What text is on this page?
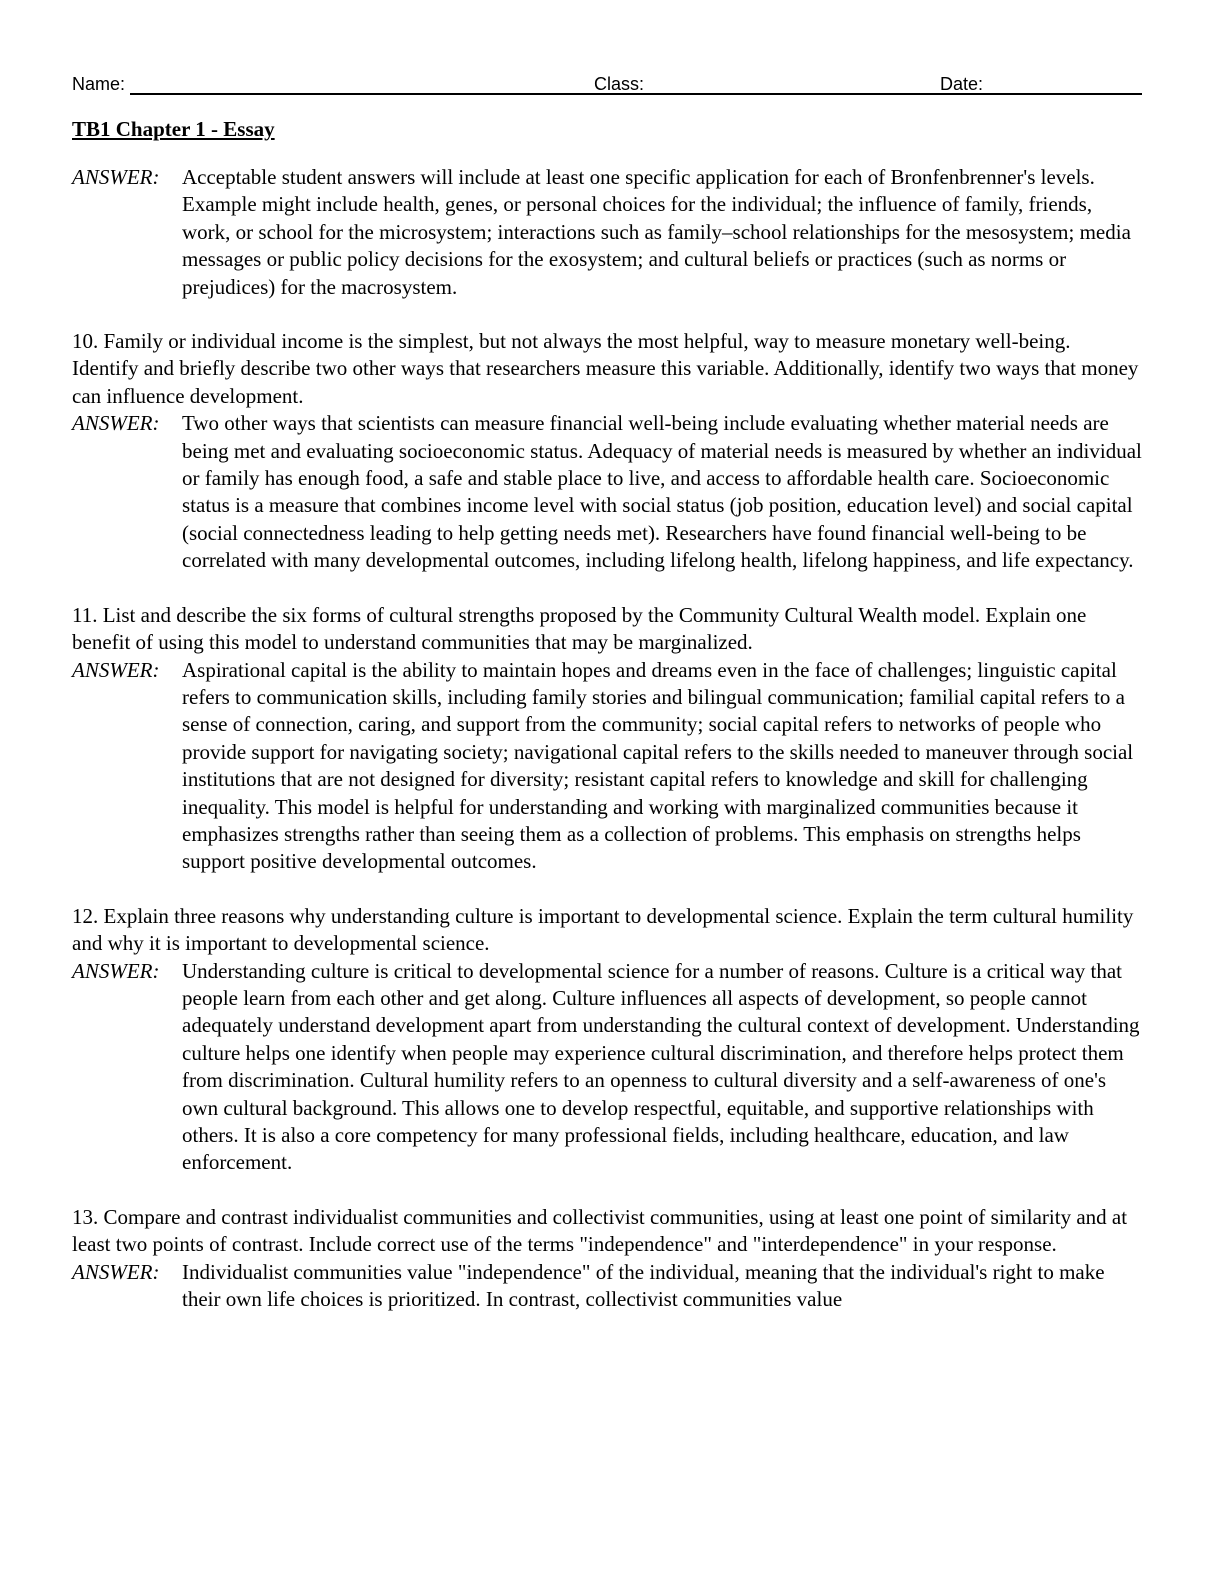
Name:	Class:	Date:
TB1 Chapter 1 - Essay

ANSWER: Acceptable student answers will include at least one specific application for each of Bronfenbrenner's levels. Example might include health, genes, or personal choices for the individual; the influence of family, friends, work, or school for the microsystem; interactions such as family–school relationships for the mesosystem; media messages or public policy decisions for the exosystem; and cultural beliefs or practices (such as norms or prejudices) for the macrosystem.

10. Family or individual income is the simplest, but not always the most helpful, way to measure monetary well-being. Identify and briefly describe two other ways that researchers measure this variable. Additionally, identify two ways that money can influence development.

ANSWER: Two other ways that scientists can measure financial well-being include evaluating whether material needs are being met and evaluating socioeconomic status. Adequacy of material needs is measured by whether an individual or family has enough food, a safe and stable place to live, and access to affordable health care. Socioeconomic status is a measure that combines income level with social status (job position, education level) and social capital (social connectedness leading to help getting needs met). Researchers have found financial well-being to be correlated with many developmental outcomes, including lifelong health, lifelong happiness, and life expectancy.

11. List and describe the six forms of cultural strengths proposed by the Community Cultural Wealth model. Explain one benefit of using this model to understand communities that may be marginalized.

ANSWER: Aspirational capital is the ability to maintain hopes and dreams even in the face of challenges; linguistic capital refers to communication skills, including family stories and bilingual communication; familial capital refers to a sense of connection, caring, and support from the community; social capital refers to networks of people who provide support for navigating society; navigational capital refers to the skills needed to maneuver through social institutions that are not designed for diversity; resistant capital refers to knowledge and skill for challenging inequality. This model is helpful for understanding and working with marginalized communities because it emphasizes strengths rather than seeing them as a collection of problems. This emphasis on strengths helps support positive developmental outcomes.

12. Explain three reasons why understanding culture is important to developmental science. Explain the term cultural humility and why it is important to developmental science.

ANSWER: Understanding culture is critical to developmental science for a number of reasons. Culture is a critical way that people learn from each other and get along. Culture influences all aspects of development, so people cannot adequately understand development apart from understanding the cultural context of development. Understanding culture helps one identify when people may experience cultural discrimination, and therefore helps protect them from discrimination. Cultural humility refers to an openness to cultural diversity and a self-awareness of one's own cultural background. This allows one to develop respectful, equitable, and supportive relationships with others. It is also a core competency for many professional fields, including healthcare, education, and law enforcement.

13. Compare and contrast individualist communities and collectivist communities, using at least one point of similarity and at least two points of contrast. Include correct use of the terms "independence" and "interdependence" in your response.

ANSWER: Individualist communities value "independence" of the individual, meaning that the individual's right to make their own life choices is prioritized. In contrast, collectivist communities value
